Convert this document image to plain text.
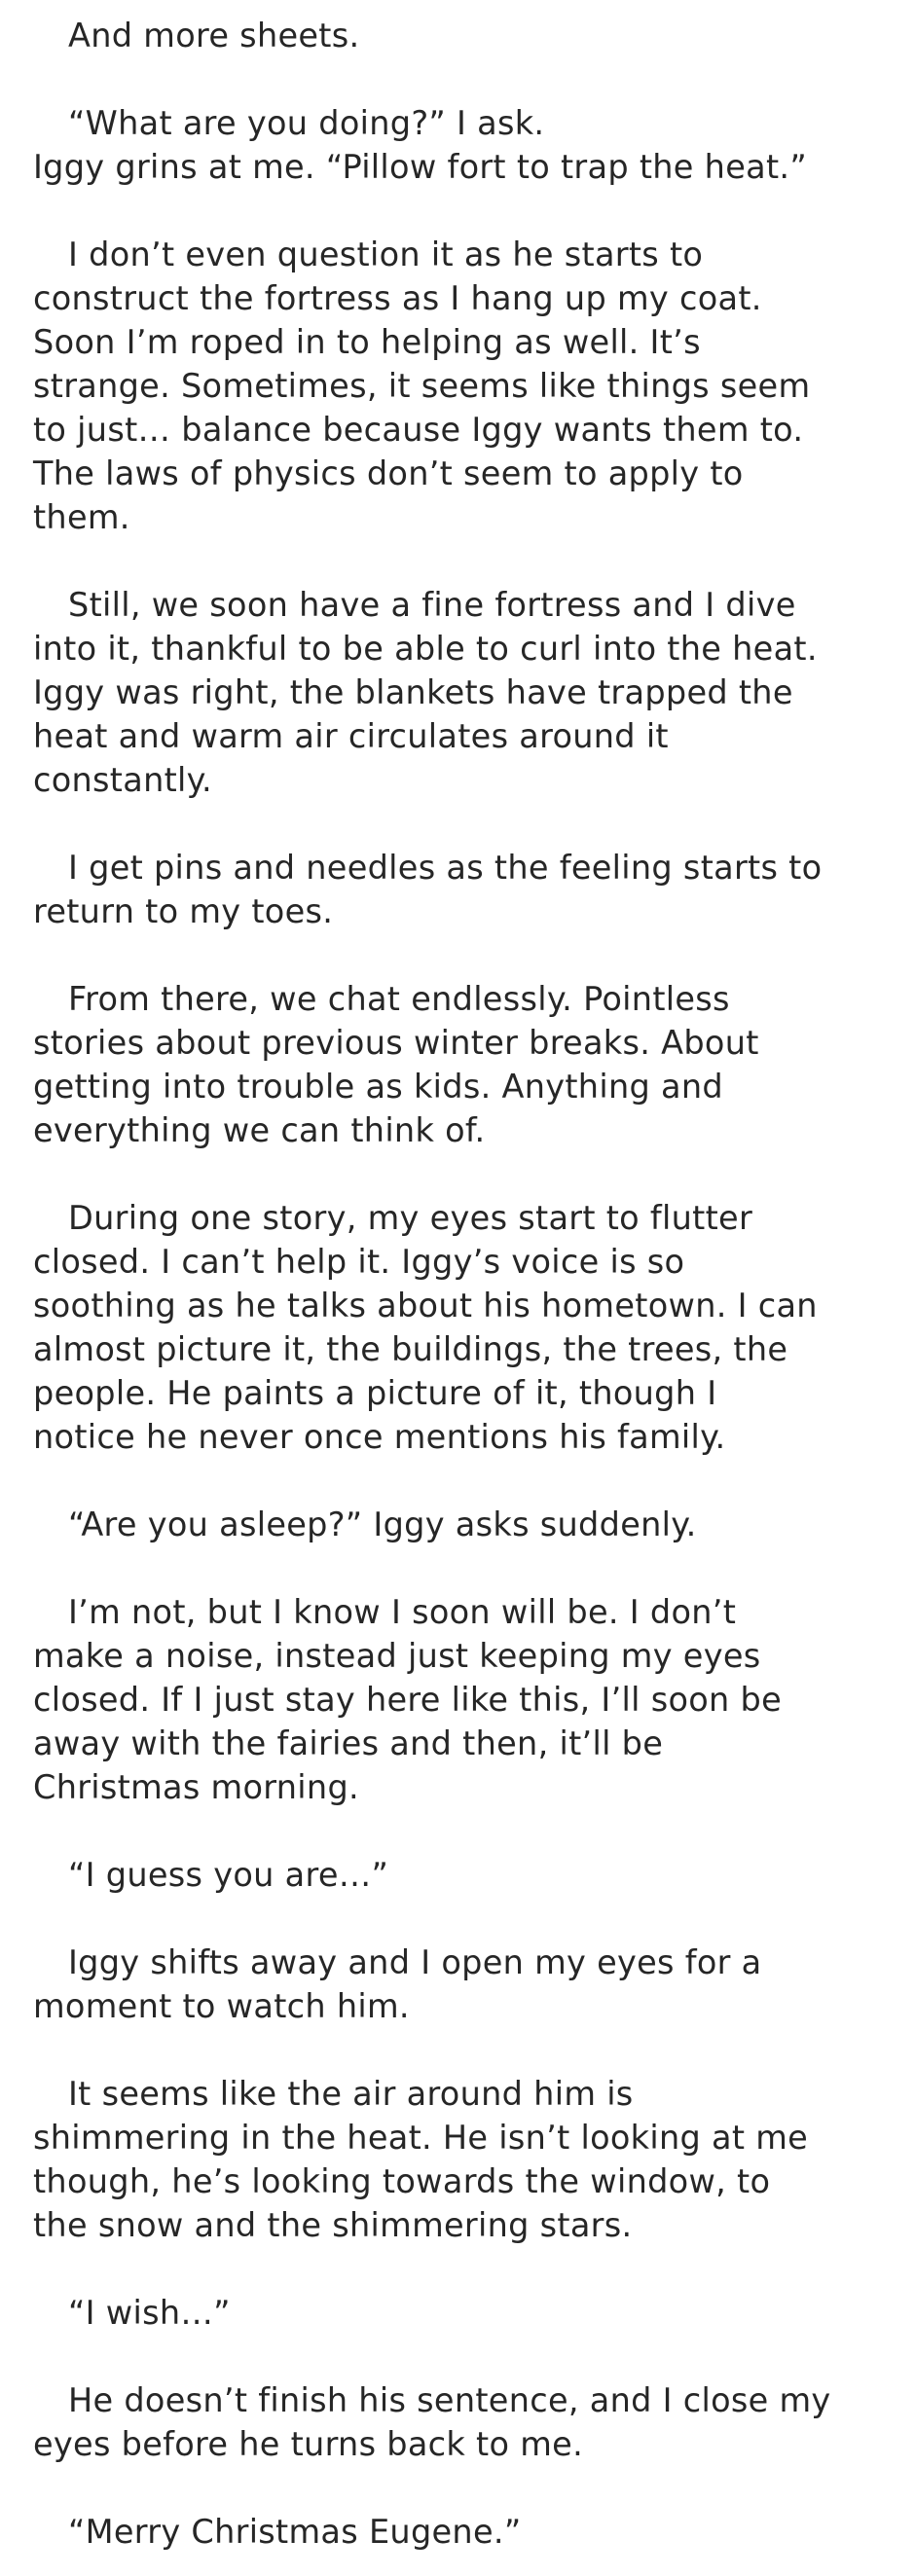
And more sheets.
“What are you doing?” I ask.
Iggy grins at me. “Pillow fort to trap the heat.”
I don’t even question it as he starts to
construct the fortress as I hang up my coat.
Soon I’m roped in to helping as well. It’s
strange. Sometimes, it seems like things seem
to just… balance because Iggy wants them to.
The laws of physics don’t seem to apply to
them.
Still, we soon have a fine fortress and I dive
into it, thankful to be able to curl into the heat.
Iggy was right, the blankets have trapped the
heat and warm air circulates around it
constantly.
I get pins and needles as the feeling starts to
return to my toes.
From there, we chat endlessly. Pointless
stories about previous winter breaks. About
getting into trouble as kids. Anything and
everything we can think of.
During one story, my eyes start to flutter
closed. I can’t help it. Iggy’s voice is so
soothing as he talks about his hometown. I can
almost picture it, the buildings, the trees, the
people. He paints a picture of it, though I
notice he never once mentions his family.
“Are you asleep?” Iggy asks suddenly.
I’m not, but I know I soon will be. I don’t
make a noise, instead just keeping my eyes
closed. If I just stay here like this, I’ll soon be
away with the fairies and then, it’ll be
Christmas morning.
“I guess you are…”
Iggy shifts away and I open my eyes for a
moment to watch him.
It seems like the air around him is
shimmering in the heat. He isn’t looking at me
though, he’s looking towards the window, to
the snow and the shimmering stars.
“I wish…”
He doesn’t finish his sentence, and I close my
eyes before he turns back to me.
“Merry Christmas Eugene.”
